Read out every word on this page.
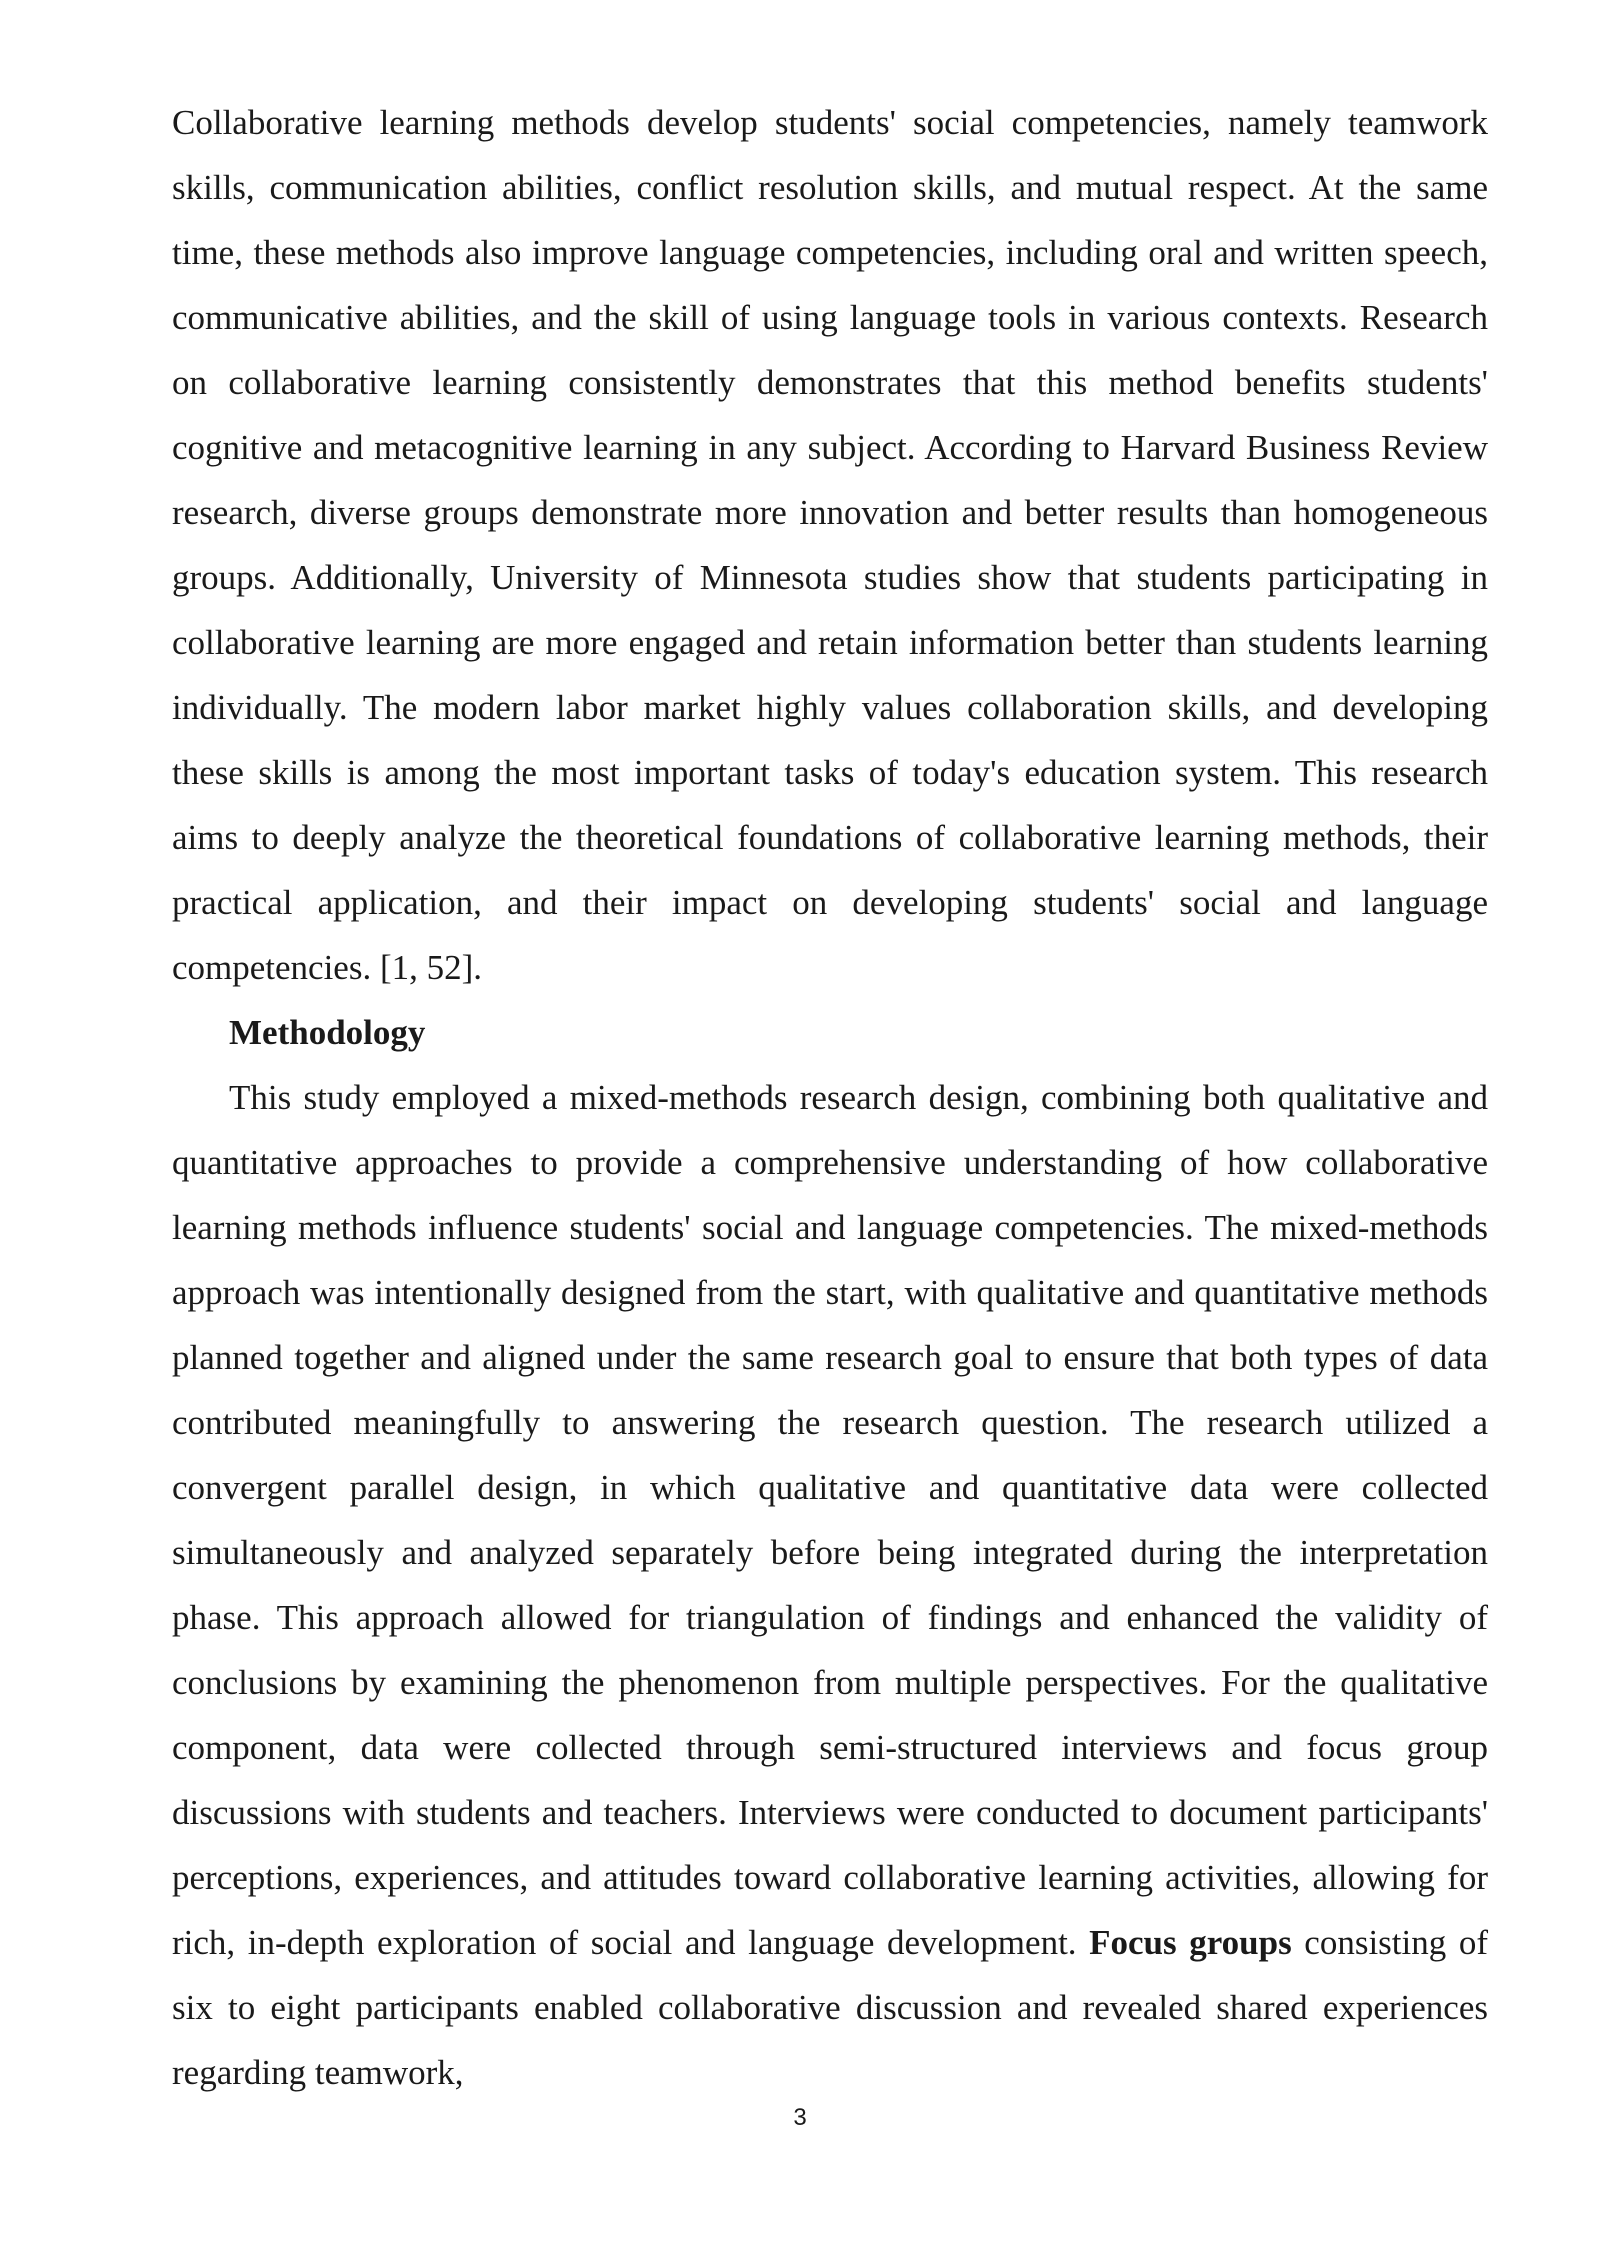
Collaborative learning methods develop students' social competencies, namely teamwork skills, communication abilities, conflict resolution skills, and mutual respect. At the same time, these methods also improve language competencies, including oral and written speech, communicative abilities, and the skill of using language tools in various contexts. Research on collaborative learning consistently demonstrates that this method benefits students' cognitive and metacognitive learning in any subject. According to Harvard Business Review research, diverse groups demonstrate more innovation and better results than homogeneous groups. Additionally, University of Minnesota studies show that students participating in collaborative learning are more engaged and retain information better than students learning individually. The modern labor market highly values collaboration skills, and developing these skills is among the most important tasks of today's education system. This research aims to deeply analyze the theoretical foundations of collaborative learning methods, their practical application, and their impact on developing students' social and language competencies. [1, 52].

Methodology

This study employed a mixed-methods research design, combining both qualitative and quantitative approaches to provide a comprehensive understanding of how collaborative learning methods influence students' social and language competencies. The mixed-methods approach was intentionally designed from the start, with qualitative and quantitative methods planned together and aligned under the same research goal to ensure that both types of data contributed meaningfully to answering the research question. The research utilized a convergent parallel design, in which qualitative and quantitative data were collected simultaneously and analyzed separately before being integrated during the interpretation phase. This approach allowed for triangulation of findings and enhanced the validity of conclusions by examining the phenomenon from multiple perspectives. For the qualitative component, data were collected through semi-structured interviews and focus group discussions with students and teachers. Interviews were conducted to document participants' perceptions, experiences, and attitudes toward collaborative learning activities, allowing for rich, in-depth exploration of social and language development. Focus groups consisting of six to eight participants enabled collaborative discussion and revealed shared experiences regarding teamwork,

3
